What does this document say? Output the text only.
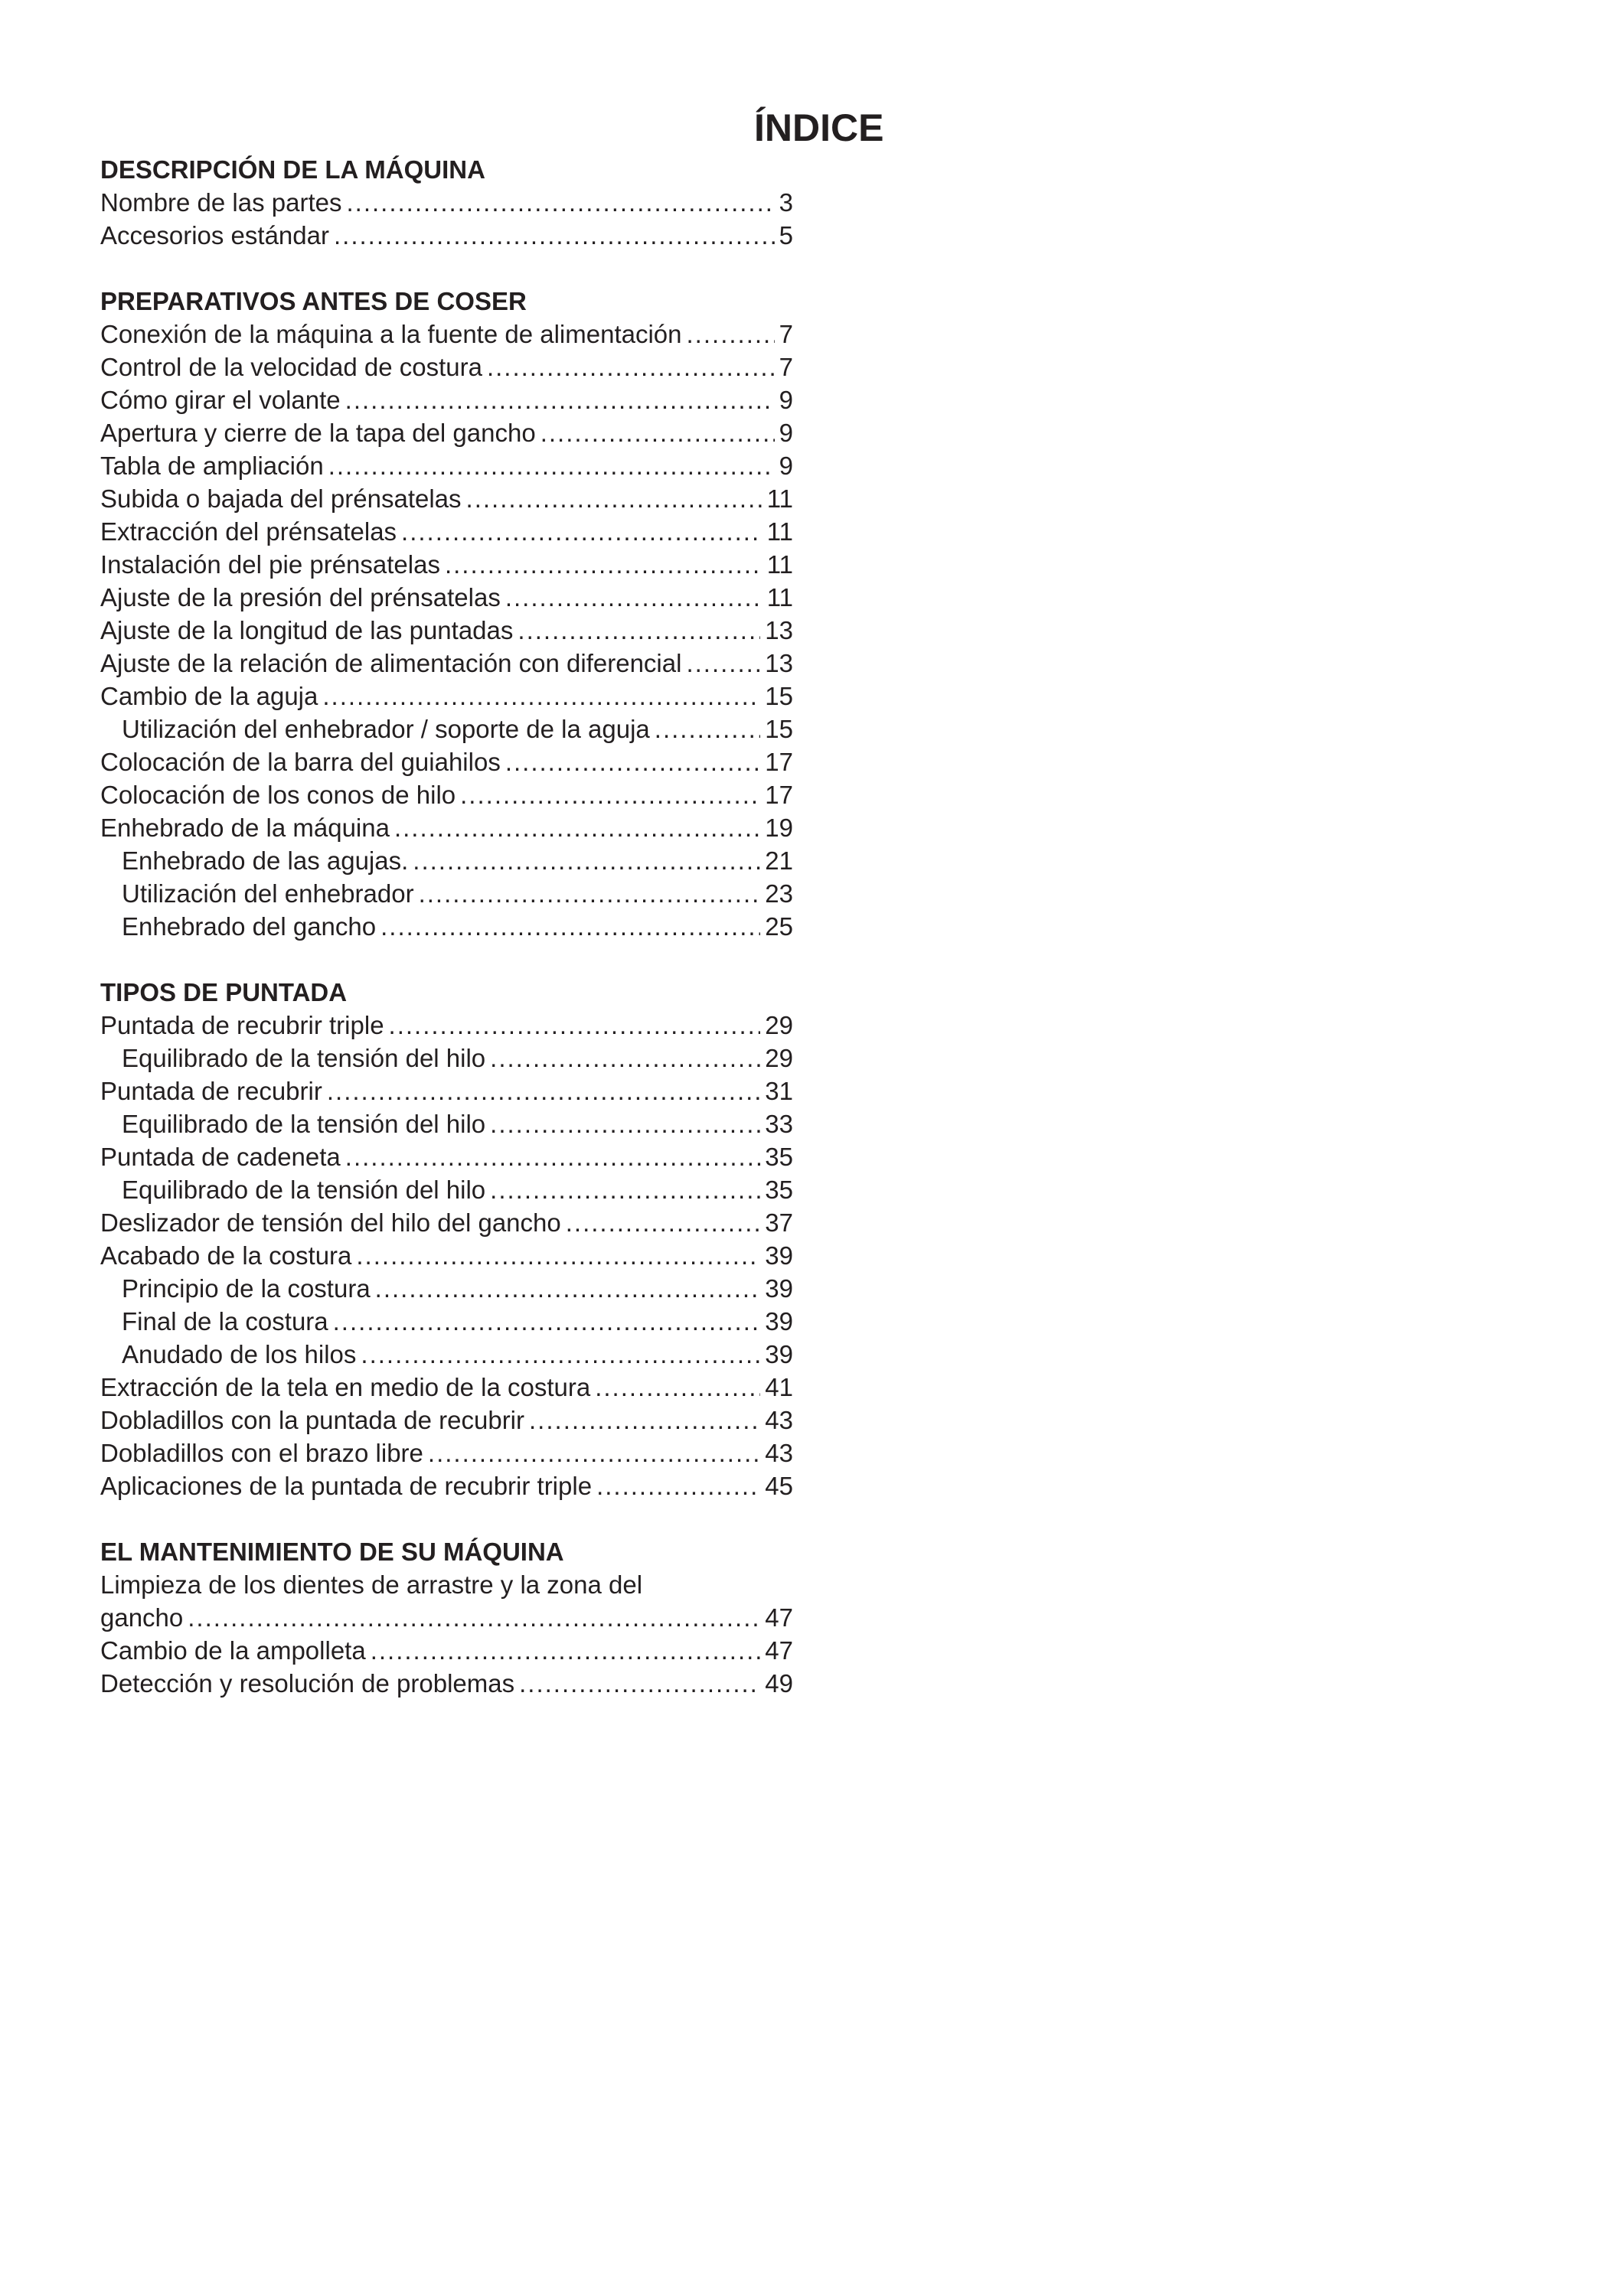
ÍNDICE
DESCRIPCIÓN DE LA MÁQUINA
Nombre de las partes .....	3
Accesorios estándar .....	5
PREPARATIVOS ANTES DE COSER
Conexión de la máquina a la fuente de alimentación .....	7
Control de la velocidad de costura .....	7
Cómo girar el volante .....	9
Apertura y cierre de la tapa del gancho .....	9
Tabla de ampliación .....	9
Subida o bajada del prénsatelas .....	11
Extracción del prénsatelas .....	11
Instalación del pie prénsatelas .....	11
Ajuste de la presión del prénsatelas .....	11
Ajuste de la longitud de las puntadas .....	13
Ajuste de la relación de alimentación con diferencial .....	13
Cambio de la aguja .....	15
Utilización del enhebrador / soporte de la aguja .....	15
Colocación de la barra del guiahilos .....	17
Colocación de los conos de hilo .....	17
Enhebrado de la máquina .....	19
Enhebrado de las agujas. .....	21
Utilización del enhebrador .....	23
Enhebrado del gancho .....	25
TIPOS DE PUNTADA
Puntada de recubrir triple .....	29
Equilibrado de la tensión del hilo .....	29
Puntada de recubrir .....	31
Equilibrado de la tensión del hilo .....	33
Puntada de cadeneta .....	35
Equilibrado de la tensión del hilo .....	35
Deslizador de tensión del hilo del gancho .....	37
Acabado de la costura .....	39
Principio de la costura .....	39
Final de la costura .....	39
Anudado de los hilos .....	39
Extracción de la tela en medio de la costura .....	41
Dobladillos con la puntada de recubrir .....	43
Dobladillos con el brazo libre .....	43
Aplicaciones de la puntada de recubrir triple .....	45
EL MANTENIMIENTO DE SU MÁQUINA
Limpieza de los dientes de arrastre y la zona del
gancho .....	47
Cambio de la ampolleta .....	47
Detección y resolución de problemas .....	49
